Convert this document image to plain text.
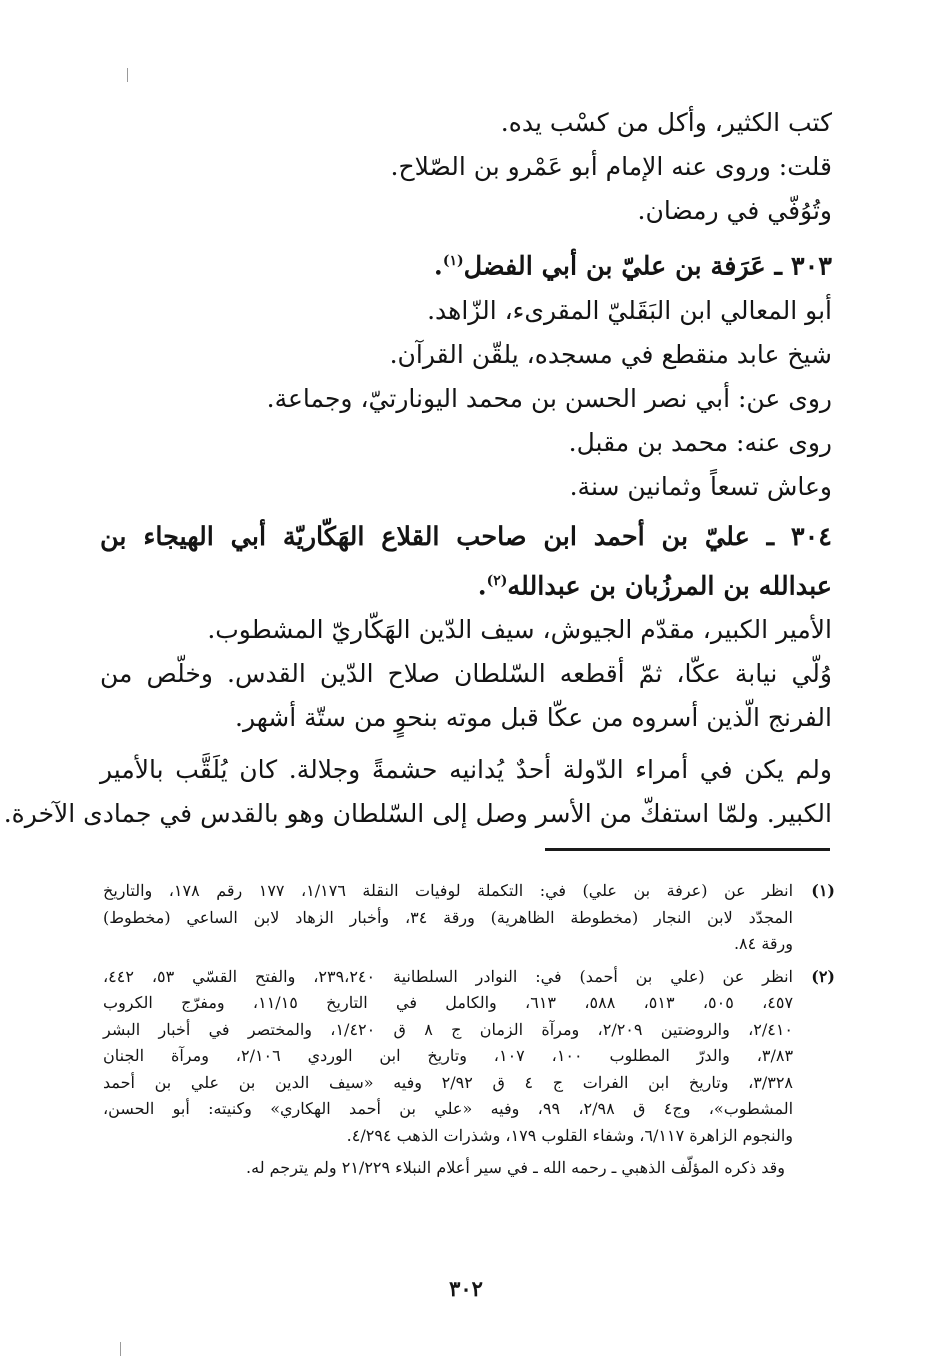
كتب الكثير، وأكل من كسْب يده.
قلت: وروى عنه الإمام أبو عَمْرو بن الصّلاح.
وتُوُفّي في رمضان.
٣٠٣ ـ عَرَفة بن عليّ بن أبي الفضل$^{(١)}$.
أبو المعالي ابن البَقَليّ المقرىء، الزّاهد.
شيخ عابد منقطع في مسجده، يلقّن القرآن.
روى عن: أبي نصر الحسن بن محمد اليونارتيّ، وجماعة.
روى عنه: محمد بن مقبل.
وعاش تسعاً وثمانين سنة.
٣٠٤ ـ عليّ بن أحمد ابن صاحب القلاع الهَكّاريّة أبي الهيجاء بن
عبدالله بن المرزُبان بن عبدالله$^{(٢)}$.
الأمير الكبير، مقدّم الجيوش، سيف الدّين الهَكّاريّ المشطوب.
وُلّي نيابة عكّا، ثمّ أقطعه السّلطان صلاح الدّين القدس. وخلّص من
الفرنج الّذين أسروه من عكّا قبل موته بنحوٍ من ستّة أشهر.
ولم يكن في أمراء الدّولة أحدٌ يُدانيه حشمةً وجلالة. كان يُلَقَّب بالأمير
الكبير. ولمّا استفكّ من الأسر وصل إلى السّلطان وهو بالقدس في جمادى الآخرة.
(١)
انظر عن (عرفة بن علي) في: التكملة لوفيات النقلة ١/١٧٦، ١٧٧ رقم ١٧٨، والتاريخ
المجدّد لابن النجار (مخطوطة الظاهرية) ورقة ٣٤، وأخبار الزهاد لابن الساعي (مخطوط)
ورقة ٨٤.
(٢)
انظر عن (علي بن أحمد) في: النوادر السلطانية ٢٣٩،٢٤٠، والفتح القسّي ٥٣، ٤٤٢،
٤٥٧، ٥٠٥، ٥١٣، ٥٨٨، ٦١٣، والكامل في التاريخ ١١/١٥، ومفرّج الكروب
٢/٤١٠، والروضتين ٢/٢٠٩، ومرآة الزمان ج ٨ ق ١/٤٢٠، والمختصر في أخبار البشر
٣/٨٣، والدرّ المطلوب ١٠٠، ١٠٧، وتاريخ ابن الوردي ٢/١٠٦، ومرآة الجنان
٣/٣٢٨، وتاريخ ابن الفرات ج ٤ ق ٢/٩٢ وفيه «سيف الدين بن علي بن أحمد
المشطوب»، وج٤ ق ٢/٩٨، ٩٩، وفيه «علي بن أحمد الهكاري» وكنيته: أبو الحسن،
والنجوم الزاهرة ٦/١١٧، وشفاء القلوب ١٧٩، وشذرات الذهب ٤/٢٩٤.
وقد ذكره المؤلّف الذهبي ـ رحمه الله ـ في سير أعلام النبلاء ٢١/٢٢٩ ولم يترجم له.
٣٠٢
